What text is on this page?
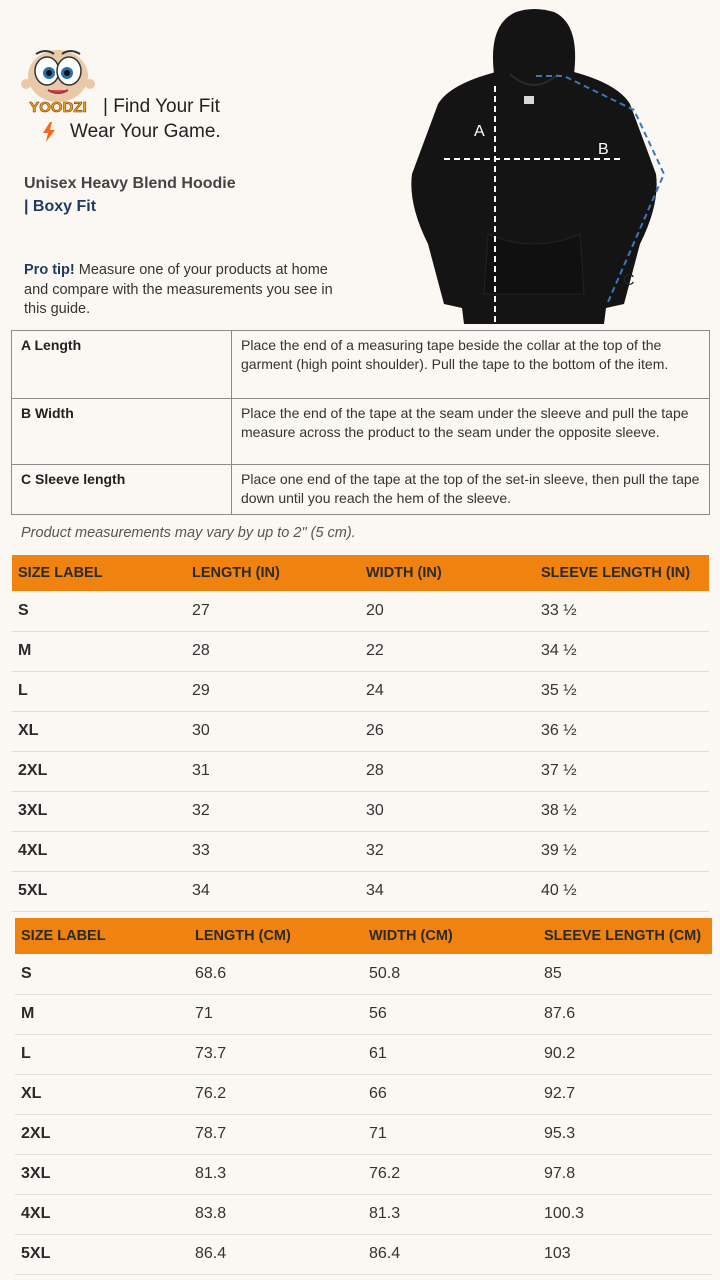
YOODZI | Find Your Fit
Wear Your Game.
Unisex Heavy Blend Hoodie
| Boxy Fit
Pro tip! Measure one of your products at home and compare with the measurements you see in this guide.
A
B
C
A Length	Place the end of a measuring tape beside the collar at the top of the garment (high point shoulder). Pull the tape to the bottom of the item.
B Width	Place the end of the tape at the seam under the sleeve and pull the tape measure across the product to the seam under the opposite sleeve.
C Sleeve length	Place one end of the tape at the top of the set-in sleeve, then pull the tape down until you reach the hem of the sleeve.
Product measurements may vary by up to 2" (5 cm).
SIZE LABEL	LENGTH (IN)	WIDTH (IN)	SLEEVE LENGTH (IN)
S	27	20	33 ½
M	28	22	34 ½
L	29	24	35 ½
XL	30	26	36 ½
2XL	31	28	37 ½
3XL	32	30	38 ½
4XL	33	32	39 ½
5XL	34	34	40 ½
SIZE LABEL	LENGTH (CM)	WIDTH (CM)	SLEEVE LENGTH (CM)
S	68.6	50.8	85
M	71	56	87.6
L	73.7	61	90.2
XL	76.2	66	92.7
2XL	78.7	71	95.3
3XL	81.3	76.2	97.8
4XL	83.8	81.3	100.3
5XL	86.4	86.4	103
